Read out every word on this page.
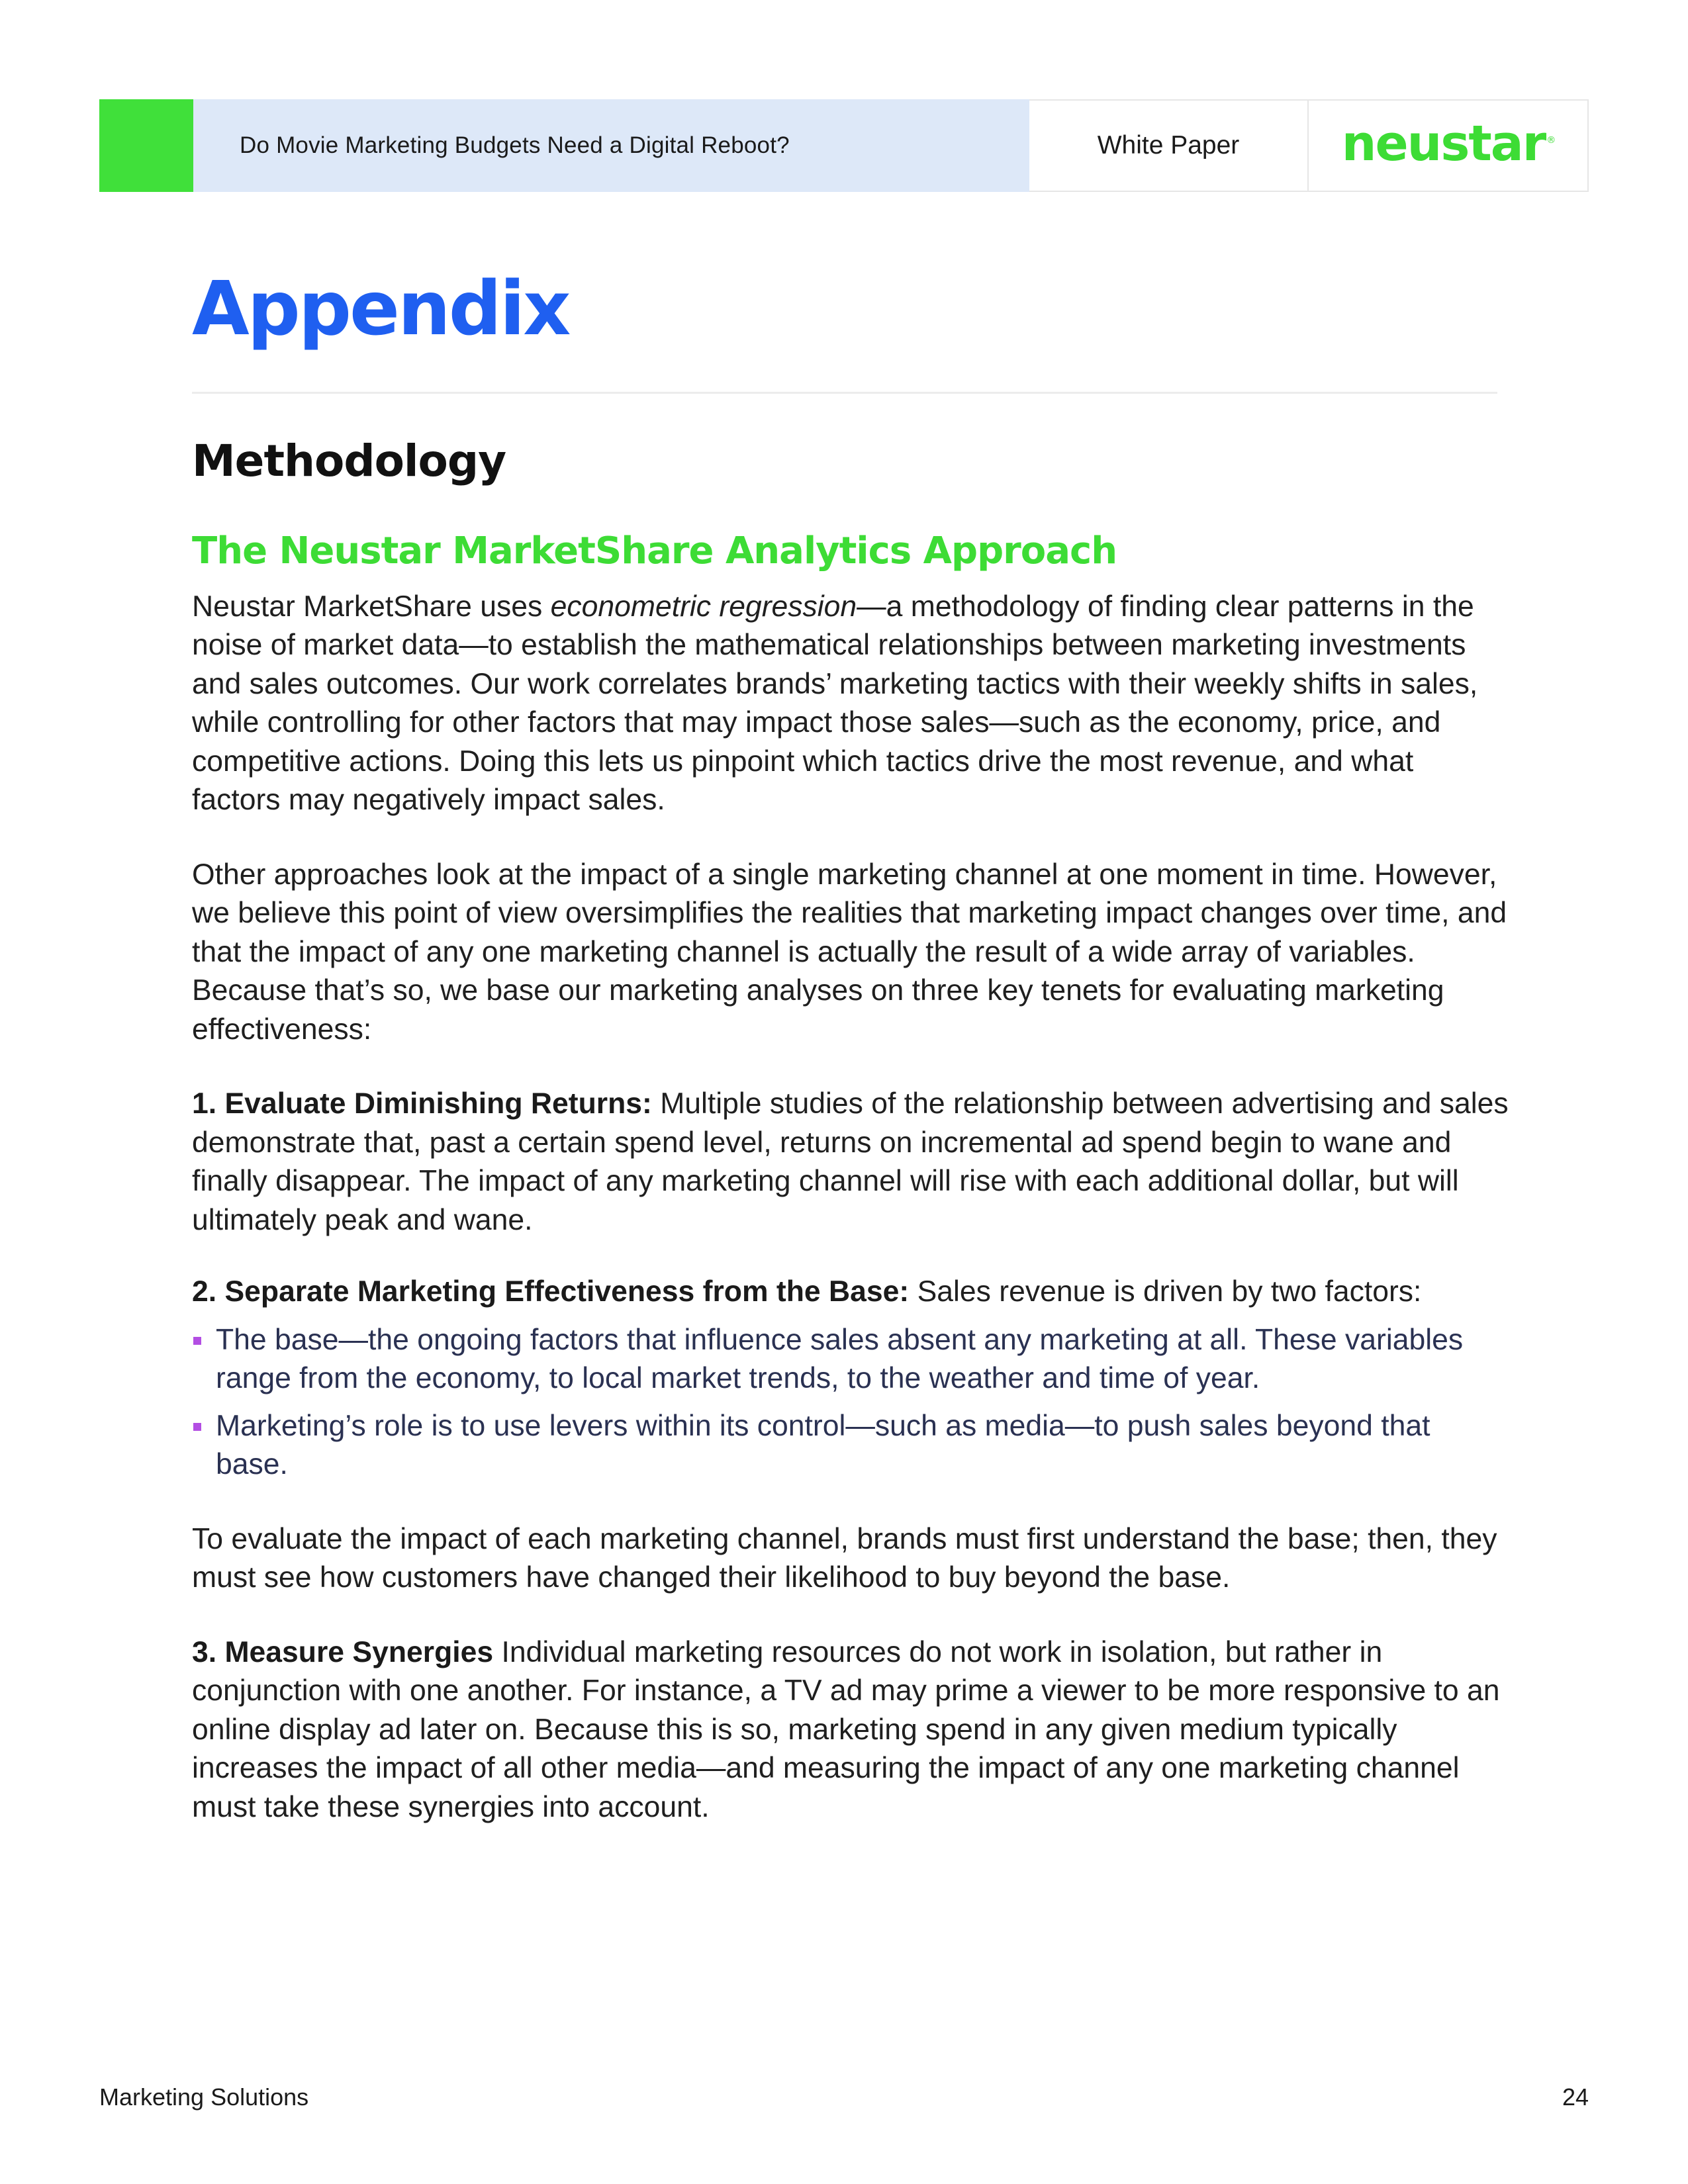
Do Movie Marketing Budgets Need a Digital Reboot?	White Paper neustar ®
Appendix
Methodology
The Neustar MarketShare Analytics Approach

Neustar MarketShare uses econometric regression—a methodology of finding clear patterns in the noise of market data—to establish the mathematical relationships between marketing investments and sales outcomes. Our work correlates brands’ marketing tactics with their weekly shifts in sales, while controlling for other factors that may impact those sales—such as the economy, price, and competitive actions. Doing this lets us pinpoint which tactics drive the most revenue, and what factors may negatively impact sales.

Other approaches look at the impact of a single marketing channel at one moment in time. However, we believe this point of view oversimplifies the realities that marketing impact changes over time, and that the impact of any one marketing channel is actually the result of a wide array of variables. Because that’s so, we base our marketing analyses on three key tenets for evaluating marketing effectiveness:

1. Evaluate Diminishing Returns: Multiple studies of the relationship between advertising and sales demonstrate that, past a certain spend level, returns on incremental ad spend begin to wane and finally disappear. The impact of any marketing channel will rise with each additional dollar, but will ultimately peak and wane.

2. Separate Marketing Effectiveness from the Base: Sales revenue is driven by two factors:

The base—the ongoing factors that influence sales absent any marketing at all. These variables range from the economy, to local market trends, to the weather and time of year.
Marketing’s role is to use levers within its control—such as media—to push sales beyond that base.

To evaluate the impact of each marketing channel, brands must first understand the base; then, they must see how customers have changed their likelihood to buy beyond the base.

3. Measure Synergies Individual marketing resources do not work in isolation, but rather in conjunction with one another. For instance, a TV ad may prime a viewer to be more responsive to an online display ad later on. Because this is so, marketing spend in any given medium typically increases the impact of all other media—and measuring the impact of any one marketing channel must take these synergies into account.

Marketing Solutions	24
